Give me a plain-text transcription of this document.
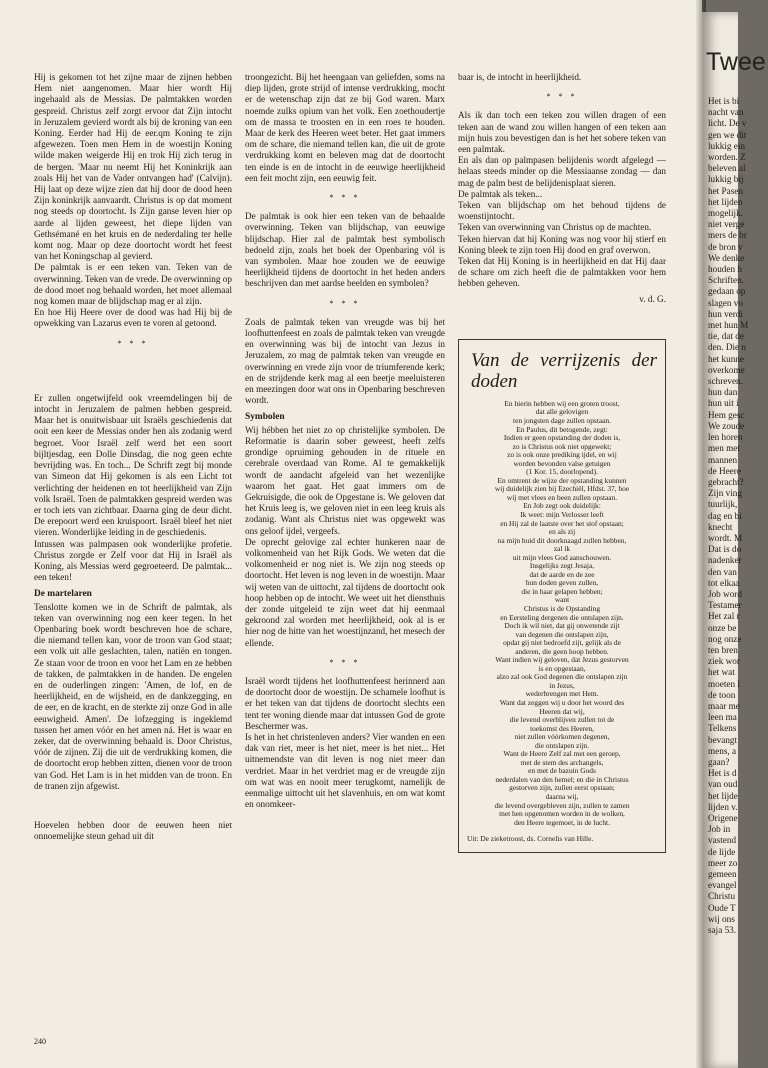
Hij is gekomen tot het zijne maar de zijnen hebben Hem niet aangenomen. Maar hier wordt Hij ingehaald als de Messias. De palmtakken worden gespreid. Christus zelf zorgt ervoor dat Zijn intocht in Jeruzalem gevierd wordt als bij de kroning van een Koning. Eerder had Hij de eer.qm Koning te zijn afgewezen. Toen men Hem in de woestijn Koning wilde maken weigerde Hij en trok Hij zich terug in de bergen. 'Maar nu neemt Hij het Koninkrijk aan zoals Hij het van de Vader ontvangen had' (Calvijn). Hij laat op deze wijze zien dat hij door de dood heen Zijn koninkrijk aanvaardt. Christus is op dat moment nog steeds op doortocht. Is Zijn ganse leven hier op aarde al lijden geweest, het diepe lijden van Gethsémané en het kruis en de nederdaling ter helle komt nog. Maar op deze doortocht wordt het feest van het Koningschap al gevierd.

De palmtak is er een teken van. Teken van de overwinning. Teken van de vrede. De overwinning op de dood moet nog behaald worden, het moet allemaal nog komen maar de blijdschap mag er al zijn.

En hoe Hij Heere over de dood was had Hij bij de opwekking van Lazarus even te voren al getoond.

* * *

Er zullen ongetwijfeld ook vreemdelingen bij de intocht in Jeruzalem de palmen hebben gespreid. Maar het is onuitwisbaar uit Israëls geschiedenis dat ooit een keer de Messias onder hen als zodanig werd begroet. Voor Israël zelf werd het een soort bijltjesdag, een Dolle Dinsdag, die nog geen echte bevrijding was. En toch... De Schrift zegt bij monde van Simeon dat Hij gekomen is als een Licht tot verlichting der heidenen en tot heerlijkheid van Zijn volk Israël. Toen de palmtakken gespreid werden was er toch iets van zichtbaar. Daarna ging de deur dicht. De erepoort werd een kruispoort. Israël bleef het niet vieren. Wonderlijke leiding in de geschiedenis.

Intussen was palmpasen ook wonderlijke profetie. Christus zorgde er Zelf voor dat Hij in Israël als Koning, als Messias werd gegroeteerd. De palmtak... een teken!

De martelaren

Tenslotte komen we in de Schrift de palmtak, als teken van overwinning nog een keer tegen. In het Openbaring boek wordt beschreven hoe de schare, die niemand tellen kan, voor de troon van God staat; een volk uit alle geslachten, talen, natiën en tongen. Ze staan voor de troon en voor het Lam en ze hebben de takken, de palmtakken in de handen. De engelen en de ouderlingen zingen: 'Amen, de lof, en de heerlijkheid, en de wijsheid, en de dankzegging, en de eer, en de kracht, en de sterkte zij onze God in alle eeuwigheid. Amen'. De lofzegging is ingeklemd tussen het amen vóór en het amen ná. Het is waar en zeker, dat de overwinning behaald is. Door Christus, vóór de zijnen. Zij die uit de verdrukking komen, die de doortocht erop hebben zitten, dienen voor de troon van God. Het Lam is in het midden van de troon. En de tranen zijn afgewist.

Hoevelen hebben door de eeuwen heen niet onnoemelijke steun gehad uit dit

troongezicht. Bij het heengaan van geliefden, soms na diep lijden, grote strijd of intense verdrukking, mocht er de wetenschap zijn dat ze bij God waren. Marx noemde zulks opium van het volk. Een zoethoudertje om de massa te troosten en in een roes te houden. Maar de kerk des Heeren weet beter. Het gaat immers om de schare, die niemand tellen kan, die uit de grote verdrukking komt en beleven mag dat de doortocht ten einde is en de intocht in de eeuwige heerlijkheid een feit mocht zijn, een eeuwig feit.

* * *

De palmtak is ook hier een teken van de behaalde overwinning. Teken van blijdschap, van eeuwige blijdschap. Hier zal de palmtak best symbolisch bedoeld zijn, zoals het boek der Openbaring vól is van symbolen. Maar hoe zouden we de eeuwige heerlijkheid tijdens de doortocht in het heden anders beschrijven dan met aardse beelden en symbolen?

* * *

Zoals de palmtak teken van vreugde was bij het loofhuttenfeest en zoals de palmtak teken van vreugde en overwinning was bij de intocht van Jezus in Jeruzalem, zo mag de palmtak teken van vreugde en overwinning en vrede zijn voor de triumferende kerk; en de strijdende kerk mag al een beetje meeluisteren en meezingen door wat ons in Openbaring beschreven wordt.

Symbolen

Wij hébben het niet zo op christelijke symbolen. De Reformatie is daarin sober geweest, heeft zelfs grondige opruiming gehouden in de rituele en cerebrale overdaad van Rome. Al te gemakkelijk wordt de aandacht afgeleid van het wezenlijke waarom het gaat. Het gaat immers om de Gekruisigde, die ook de Opgestane is. We geloven dat het Kruis leeg is, we geloven niet in een leeg kruis als zodanig. Want als Christus niet was opgewekt was ons geloof ijdel, vergeefs.

De oprecht gelovige zal echter hunkeren naar de volkomenheid van het Rijk Gods. We weten dat die volkomenheid er nog niet is. We zijn nog steeds op doortocht. Het leven is nog leven in de woestijn. Maar wij weten van de uittocht, zal tijdens de doortocht ook hoop hebben op de intocht. We weet uit het diensthuis der zonde uitgeleid te zijn weet dat hij eenmaal gekroond zal worden met heerlijkheid, ook al is er hier nog de hitte van het woestijnzand, het mesech der ellende.

* * *

Israël wordt tijdens het loofhuttenfeest herinnerd aan de doortocht door de woestijn. De schamele loofhut is er het teken van dat tijdens de doortocht slechts een tent ter woning diende maar dat intussen God de grote Beschermer was.

Is het in het christenleven anders? Vier wanden en een dak van riet, meer is het niet, meer is het niet... Het uitnemendste van dit leven is nog niet meer dan verdriet. Maar in het verdriet mag er de vreugde zijn om wat was en nooit meer terugkomt, namelijk de eenmalige uittocht uit het slavenhuis, en om wat komt en onomkeer-

baar is, de intocht in heerlijkheid.

* * *

Als ik dan toch een teken zou willen dragen of een teken aan de wand zou willen hangen of een teken aan mijn huis zou bevestigen dan is het het sobere teken van een palmtak.

En als dan op palmpasen belijdenis wordt afgelegd — helaas steeds minder op die Messiaanse zondag — dan mag de palm best de belijdenisplaat sieren.

De palmtak als teken...

Teken van blijdschap om het behoud tijdens de woenstijntocht.

Teken van overwinning van Christus op de machten.

Teken hiervan dat hij Koning was nog voor hij stierf en Koning bleek te zijn toen Hij dood en graf overwon.

Teken dat Hij Koning is in heerlijkheid en dat Hij daar de schare om zich heeft die de palmtakken voor hem hebben geheven.

v. d. G.
Van de verrijzenis der doden
En hierin hebben wij een groten troost,
dat alle gelovigen
ten jongsten dage zullen opstaan.
En Paulus, dit betogende, zegt:
Indien er geen opstanding der doden is,
zo is Christus ook niet opgewekt;
zo is ook onze prediking ijdel, en wij
worden bevonden valse getuigen
(1 Kor. 15, doorlopend).
En omtrent de wijze der opstanding kunnen
wij duidelijk zien bij Ezechiël, Hfdst. 37, hoe
wij met vlees en been zullen opstaan.
En Job zegt ook duidelijk:
Ik weet: mijn Verlosser leeft
en Hij zal de laatste over het stof opstaan;
en als zij
na mijn huid dit doorknaagd zullen hebben,
zal ik
uit mijn vlees God aanschouwen.
Insgelijks zegt Jesaja,
dat de aarde en de zee
hun doden geven zullen,
die in haar gelapen hebben;
want
Christus is de Opstanding
en Eersteling dergenen die ontslapen zijn.
Doch ik wil niet, dat gij onwetende zijt
van degenen die ontslapen zijn,
opdat gij niet bedroefd zijt, gelijk als de
anderen, die geen hoop hebben.
Want indien wij geloven, dat Jezus gestorven
is en opgestaan,
alzo zal ook God degenen die ontslapen zijn
in Jezus,
wederbrengen met Hem.
Want dat zeggen wij u door het woord des
Heeren dat wij,
die levend overblijven zullen tot de
toekomst des Heeren,
niet zullen vóórkomen degenen,
die ontslapen zijn.
Want de Heere Zelf zal met een geroep,
met de stem des archangels,
en met de bazuin Gods
nederdalen van den hemel; en die in Christus
gestorven zijn, zullen eerst opstaan;
daarna wij,
die levend overgebleven zijn, zullen te zamen
met hen opgenomen worden in de wolken,
den Heere tegemoet, in de lucht.
Uit: De zieketroost, ds. Cornelis van Hille.
240
Twee
Het is bi
nacht van
licht. De v
gen we dit
lukkig ein
worden. Z
beleven al
lukkig bij
het Pasen
het lijden
mogelijk.
niet verge
mers de br
de bron v
We denke
houden h
Schriften.
gedaan op
slagen vo
hun verdi
met hun M
tie, dat de
den. Die n
het kunne
overkome
schreven.
hun dan
hun uit i
Hem gesc
We zoude
len horen
men met
mannen
de Heere
gebracht?
Zijn ving
tuurlijk,
dag en bi
knecht
wordt. M
Dat is do
nadenker
den van
tot elkaa
Job word
Testamer
Het zal r
onze be
nog onze
ten bren
ziek wor
het wat
moeten l
de toon
maar me
leen ma
Telkens
bevangt
mens, a
gaan?
Het is d
van oud
het lijde
lijden v.
Origene
Job in
vastend
de lijde
meer zo
gemeen
evangel
Christu
Oude T
wij ons
saja 53.
